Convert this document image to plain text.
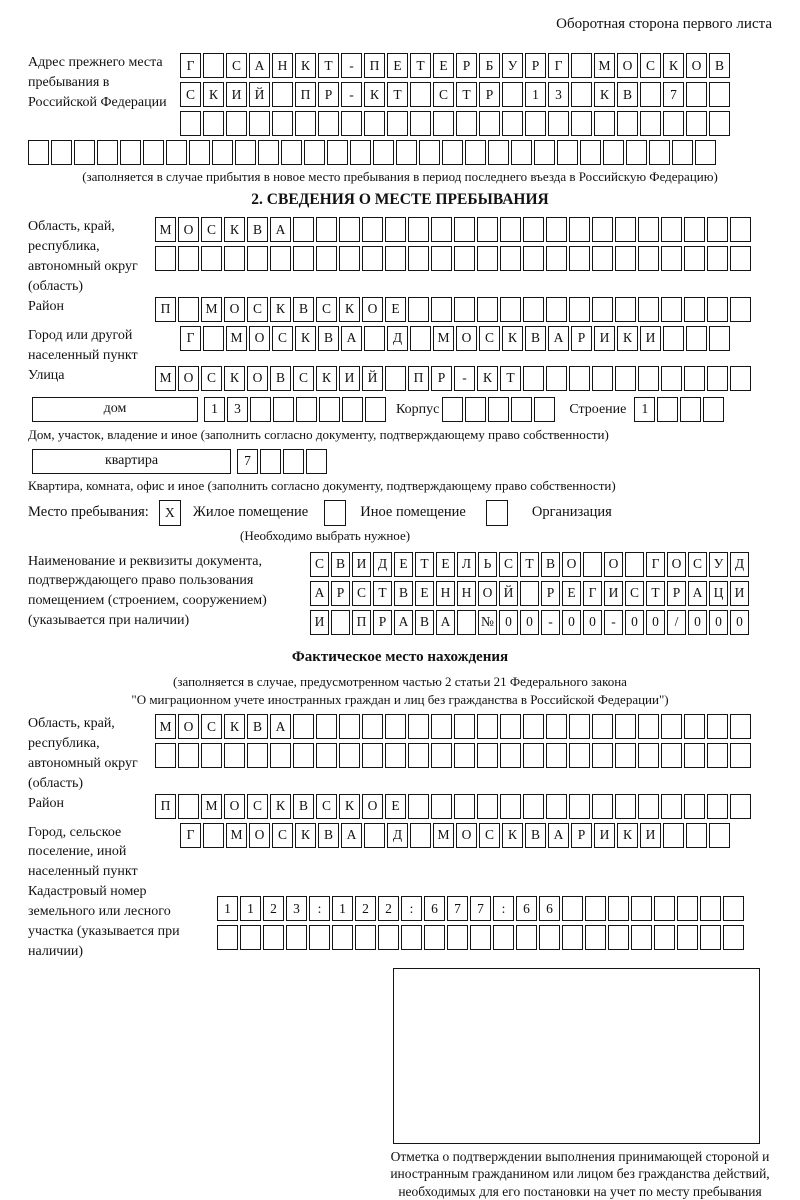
Оборотная сторона первого листа
Адрес прежнего места пребывания в Российской Федерации
Г	С	А Н	К	Т	-	П	Е	Т	Е	Р	Б	У	Р	Г	М О	С	К	О	В
С	К	И Й	П	Р	-	К	Т	С	Т	Р	1	3	К	В	7
(заполняется в случае прибытия в новое место пребывания в период последнего въезда в Российскую Федерацию)
2. СВЕДЕНИЯ О МЕСТЕ ПРЕБЫВАНИЯ
Область, край, республика, автономный округ (область)
М О	С	К	В	А
Район	П	М О	С	К	В	С	К	О	Е
Город или другой населенный пункт
Г	М О	С	К	В	А	Д	М О	С	К	В	А	Р	И	К	И
Улица	М О	С	К	О	В	С	К	И Й	П	Р	-	К	Т
дом	1	3	Корпус	Строение	1
Дом, участок, владение и иное (заполнить согласно документу, подтверждающему право собственности)
квартира	7
Квартира, комната, офис и иное (заполнить согласно документу, подтверждающему право собственности)
Место пребывания:	X	Жилое помещение	Иное помещение	Организация
(Необходимо выбрать нужное)
Наименование и реквизиты документа, подтверждающего право пользования помещением (строением, сооружением) (указывается при наличии)
С В И Д Е Т Е Л Ь С Т В О	О	Г О С У Д
А Р С Т В Е Н Н О Й	Р Е Г И С Т Р А Ц И
И	П Р А В А	№ 0	0	-	0	0	-	0	0	/	0	0	0
Фактическое место нахождения
(заполняется в случае, предусмотренном частью 2 статьи 21 Федерального закона
"О миграционном учете иностранных граждан и лиц без гражданства в Российской Федерации")
Область, край, республика, автономный округ (область)
М О	С	К	В	А
Район	П	М О	С	К	В	С	К	О	Е
Город, сельское поселение, иной населенный пункт
Г	М О	С	К	В	А	Д	М О	С	К	В	А	Р	И	К	И
Кадастровый номер земельного или лесного участка (указывается при наличии)
1	1	2	3	:	1	2	2	:	6	7	7	:	6	6
Отметка о подтверждении выполнения принимающей стороной и иностранным гражданином или лицом без гражданства действий, необходимых для его постановки на учет по месту пребывания
